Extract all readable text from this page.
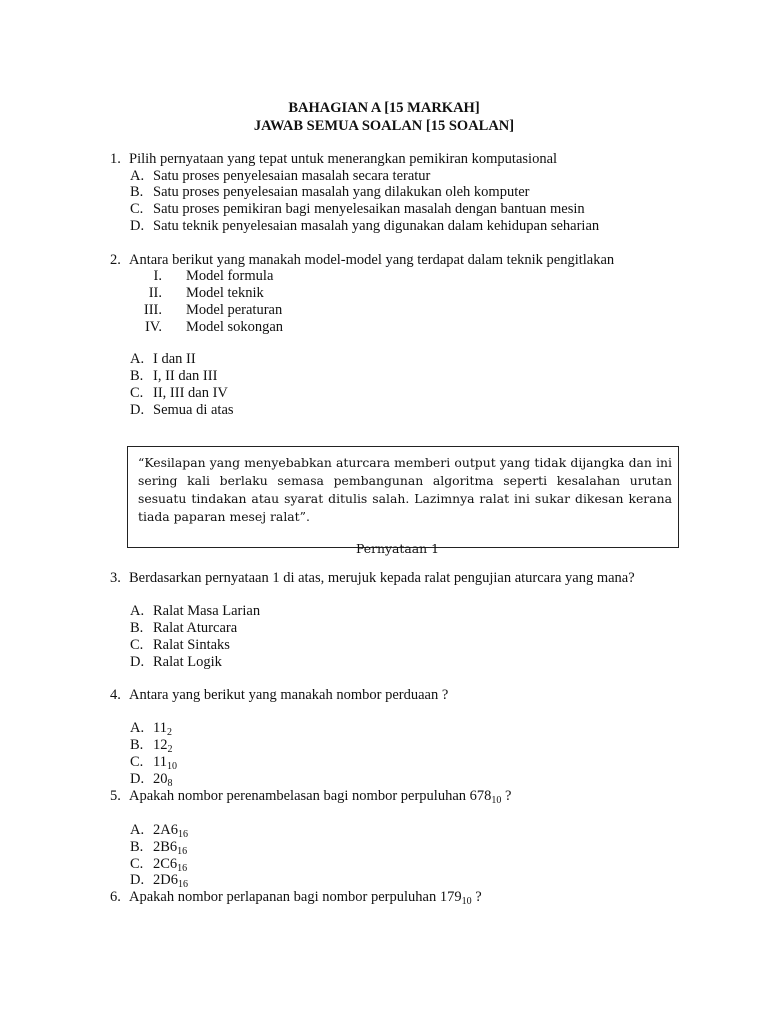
BAHAGIAN A [15 MARKAH]
JAWAB SEMUA SOALAN [15 SOALAN]
1. Pilih pernyataan yang tepat untuk menerangkan pemikiran komputasional
A. Satu proses penyelesaian masalah secara teratur
B. Satu proses penyelesaian masalah yang dilakukan oleh komputer
C. Satu proses pemikiran bagi menyelesaikan masalah dengan bantuan mesin
D. Satu teknik penyelesaian masalah yang digunakan dalam kehidupan seharian
2. Antara berikut yang manakah model-model yang terdapat dalam teknik pengitlakan
I. Model formula
II. Model teknik
III. Model peraturan
IV. Model sokongan
A. I dan II
B. I, II dan III
C. II, III dan IV
D. Semua di atas
“Kesilapan yang menyebabkan aturcara memberi output yang tidak dijangka dan ini sering kali berlaku semasa pembangunan algoritma seperti kesalahan urutan sesuatu tindakan atau syarat ditulis salah. Lazimnya ralat ini sukar dikesan kerana tiada paparan mesej ralat”.
Pernyataan 1
3. Berdasarkan pernyataan 1 di atas, merujuk kepada ralat pengujian aturcara yang mana?
A. Ralat Masa Larian
B. Ralat Aturcara
C. Ralat Sintaks
D. Ralat Logik
4. Antara yang berikut yang manakah nombor perduaan ?
A. $11_2$
B. $12_2$
C. $11_{10}$
D. $20_8$
5. Apakah nombor perenambelasan bagi nombor perpuluhan $678_{10}$ ?
A. $2A6_{16}$
B. $2B6_{16}$
C. $2C6_{16}$
D. $2D6_{16}$
6. Apakah nombor perlapanan bagi nombor perpuluhan $179_{10}$ ?
